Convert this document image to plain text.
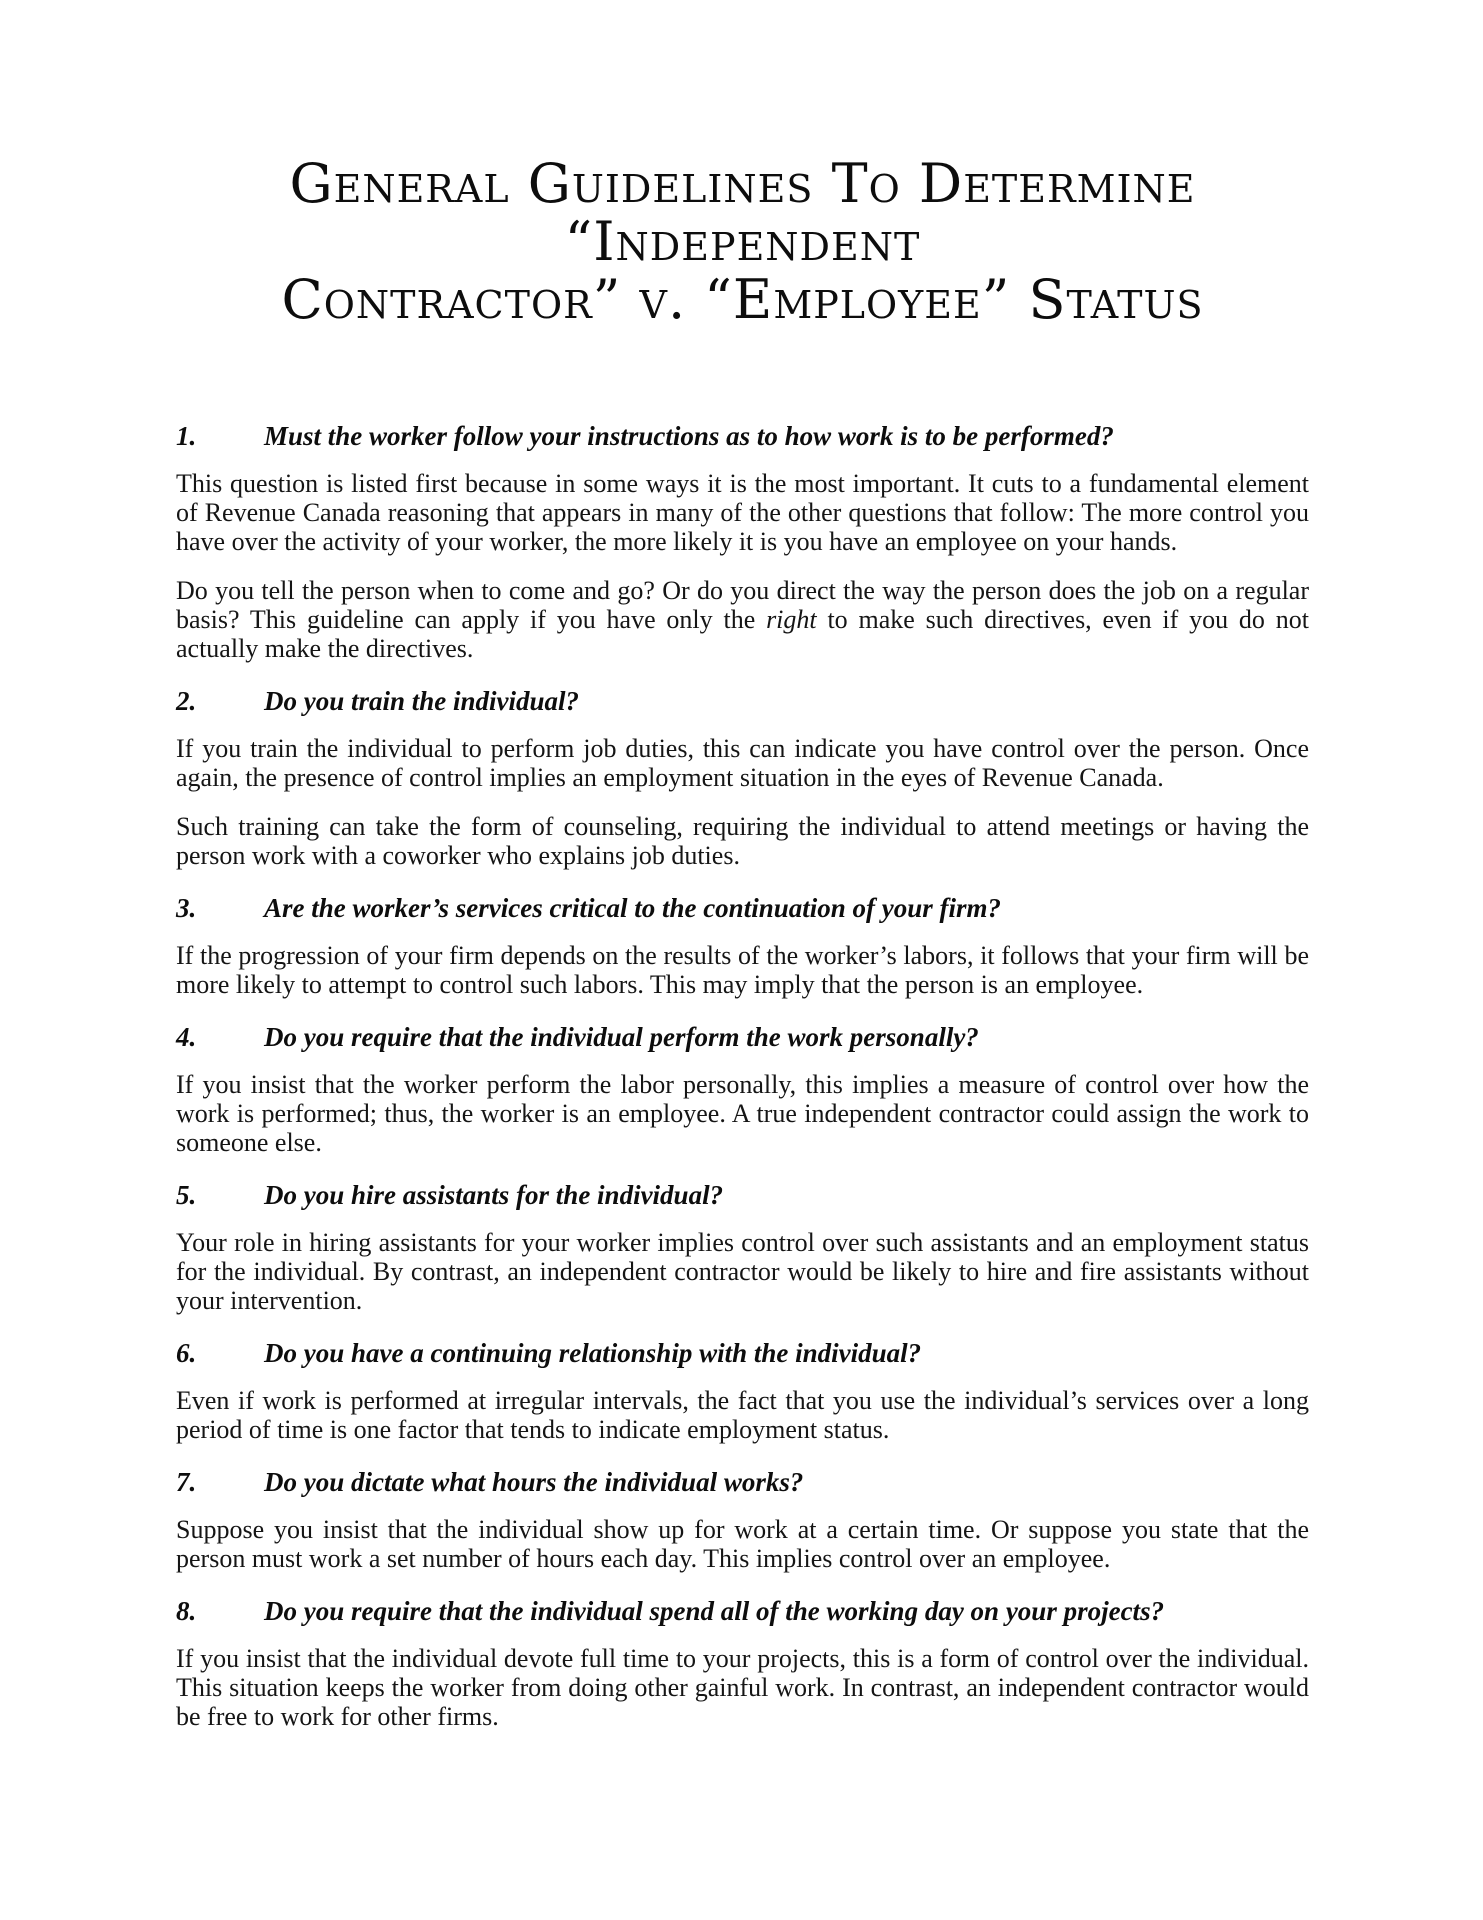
General Guidelines To Determine “Independent
Contractor” v. “Employee” Status
1.	Must the worker follow your instructions as to how work is to be performed?

This question is listed first because in some ways it is the most important. It cuts to a fundamental element of Revenue Canada reasoning that appears in many of the other questions that follow: The more control you have over the activity of your worker, the more likely it is you have an employee on your hands.

Do you tell the person when to come and go? Or do you direct the way the person does the job on a regular basis? This guideline can apply if you have only the right to make such directives, even if you do not actually make the directives.

2.	Do you train the individual?

If you train the individual to perform job duties, this can indicate you have control over the person. Once again, the presence of control implies an employment situation in the eyes of Revenue Canada.

Such training can take the form of counseling, requiring the individual to attend meetings or having the person work with a coworker who explains job duties.

3.	Are the worker’s services critical to the continuation of your firm?

If the progression of your firm depends on the results of the worker’s labors, it follows that your firm will be more likely to attempt to control such labors. This may imply that the person is an employee.

4.	Do you require that the individual perform the work personally?

If you insist that the worker perform the labor personally, this implies a measure of control over how the work is performed; thus, the worker is an employee. A true independent contractor could assign the work to someone else.

5.	Do you hire assistants for the individual?

Your role in hiring assistants for your worker implies control over such assistants and an employment status for the individual. By contrast, an independent contractor would be likely to hire and fire assistants without your intervention.

6.	Do you have a continuing relationship with the individual?

Even if work is performed at irregular intervals, the fact that you use the individual’s services over a long period of time is one factor that tends to indicate employment status.

7.	Do you dictate what hours the individual works?

Suppose you insist that the individual show up for work at a certain time. Or suppose you state that the person must work a set number of hours each day. This implies control over an employee.

8.	Do you require that the individual spend all of the working day on your projects?

If you insist that the individual devote full time to your projects, this is a form of control over the individual. This situation keeps the worker from doing other gainful work. In contrast, an independent contractor would be free to work for other firms.
